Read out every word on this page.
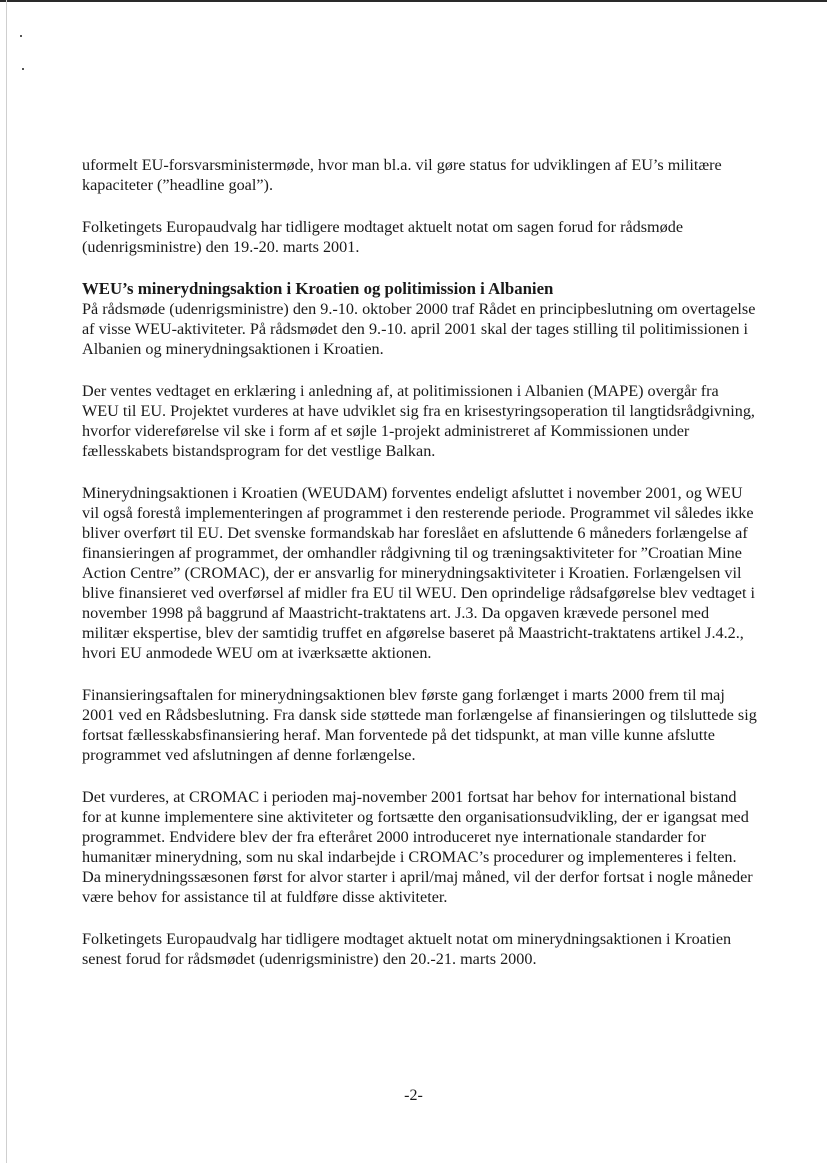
uformelt EU-forsvarsministermøde, hvor man bl.a. vil gøre status for udviklingen af EU’s militære kapaciteter (”headline goal”).

Folketingets Europaudvalg har tidligere modtaget aktuelt notat om sagen forud for rådsmøde (udenrigsministre) den 19.-20. marts 2001.

WEU’s minerydningsaktion i Kroatien og politimission i Albanien

På rådsmøde (udenrigsministre) den 9.-10. oktober 2000 traf Rådet en principbeslutning om overtagelse af visse WEU-aktiviteter. På rådsmødet den 9.-10. april 2001 skal der tages stilling til politimissionen i Albanien og minerydningsaktionen i Kroatien.

Der ventes vedtaget en erklæring i anledning af, at politimissionen i Albanien (MAPE) overgår fra WEU til EU. Projektet vurderes at have udviklet sig fra en krisestyringsoperation til langtidsrådgivning, hvorfor videreførelse vil ske i form af et søjle 1-projekt administreret af Kommissionen under fællesskabets bistandsprogram for det vestlige Balkan.

Minerydningsaktionen i Kroatien (WEUDAM) forventes endeligt afsluttet i november 2001, og WEU vil også forestå implementeringen af programmet i den resterende periode. Programmet vil således ikke bliver overført til EU. Det svenske formandskab har foreslået en afsluttende 6 måneders forlængelse af finansieringen af programmet, der omhandler rådgivning til og træningsaktiviteter for ”Croatian Mine Action Centre” (CROMAC), der er ansvarlig for minerydningsaktiviteter i Kroatien. Forlængelsen vil blive finansieret ved overførsel af midler fra EU til WEU. Den oprindelige rådsafgørelse blev vedtaget i november 1998 på baggrund af Maastricht-traktatens art. J.3. Da opgaven krævede personel med militær ekspertise, blev der samtidig truffet en afgørelse baseret på Maastricht-traktatens artikel J.4.2., hvori EU anmodede WEU om at iværksætte aktionen.

Finansieringsaftalen for minerydningsaktionen blev første gang forlænget i marts 2000 frem til maj 2001 ved en Rådsbeslutning. Fra dansk side støttede man forlængelse af finansieringen og tilsluttede sig fortsat fællesskabsfinansiering heraf. Man forventede på det tidspunkt, at man ville kunne afslutte programmet ved afslutningen af denne forlængelse.

Det vurderes, at CROMAC i perioden maj-november 2001 fortsat har behov for international bistand for at kunne implementere sine aktiviteter og fortsætte den organisationsudvikling, der er igangsat med programmet. Endvidere blev der fra efteråret 2000 introduceret nye internationale standarder for humanitær minerydning, som nu skal indarbejde i CROMAC’s procedurer og implementeres i felten. Da minerydningssæsonen først for alvor starter i april/maj måned, vil der derfor fortsat i nogle måneder være behov for assistance til at fuldføre disse aktiviteter.

Folketingets Europaudvalg har tidligere modtaget aktuelt notat om minerydningsaktionen i Kroatien senest forud for rådsmødet (udenrigsministre) den 20.-21. marts 2000.

-2-
